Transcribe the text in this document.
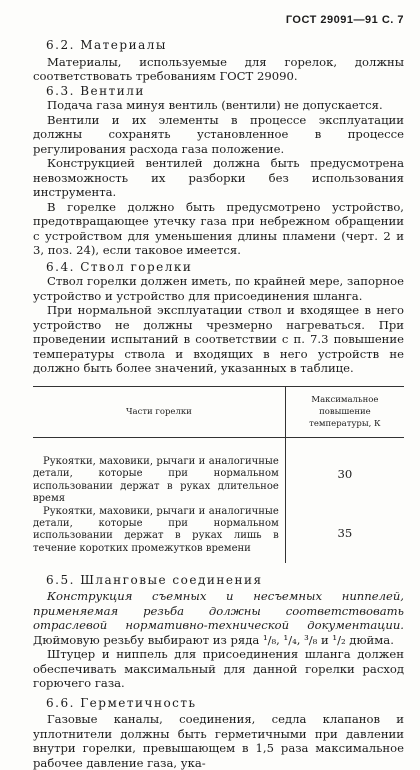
ГОСТ 29091—91 С. 7
6.2. Материалы

Материалы, используемые для горелок, должны соответствовать требованиям ГОСТ 29090.

6.3. Вентили

Подача газа минуя вентиль (вентили) не допускается.

Вентили и их элементы в процессе эксплуатации должны сохранять установленное в процессе регулирования расхода газа положение.

Конструкцией вентилей должна быть предусмотрена невозможность их разборки без использования инструмента.

В горелке должно быть предусмотрено устройство, предотвращающее утечку газа при небрежном обращении с устройством для уменьшения длины пламени (черт. 2 и 3, поз. 24), если таковое имеется.

6.4. Ствол горелки

Ствол горелки должен иметь, по крайней мере, запорное устройство и устройство для присоединения шланга.

При нормальной эксплуатации ствол и входящее в него устройство не должны чрезмерно нагреваться. При проведении испытаний в соответствии с п. 7.3 повышение температуры ствола и входящих в него устройств не должно быть более значений, указанных в таблице.

Части горелки	Максимальное повышение температуры, К
Рукоятки, маховики, рычаги и аналогичные детали, которые при нормальном использовании держат в руках длительное время	30
Рукоятки, маховики, рычаги и аналогичные детали, которые при нормальном использовании держат в руках лишь в течение коротких промежутков времени	35
6.5. Шланговые соединения

Конструкция съемных и несъемных ниппелей, применяемая резьба должны соответствовать отраслевой нормативно-технической документации. Дюймовую резьбу выбирают из ряда ¹/₈, ¹/₄, ³/₈ и ¹/₂ дюйма.

Штуцер и ниппель для присоединения шланга должен обеспечивать максимальный для данной горелки расход горючего газа.

6.6. Герметичность

Газовые каналы, соединения, седла клапанов и уплотнители должны быть герметичными при давлении внутри горелки, превышающем в 1,5 раза максимальное рабочее давление газа, ука-
